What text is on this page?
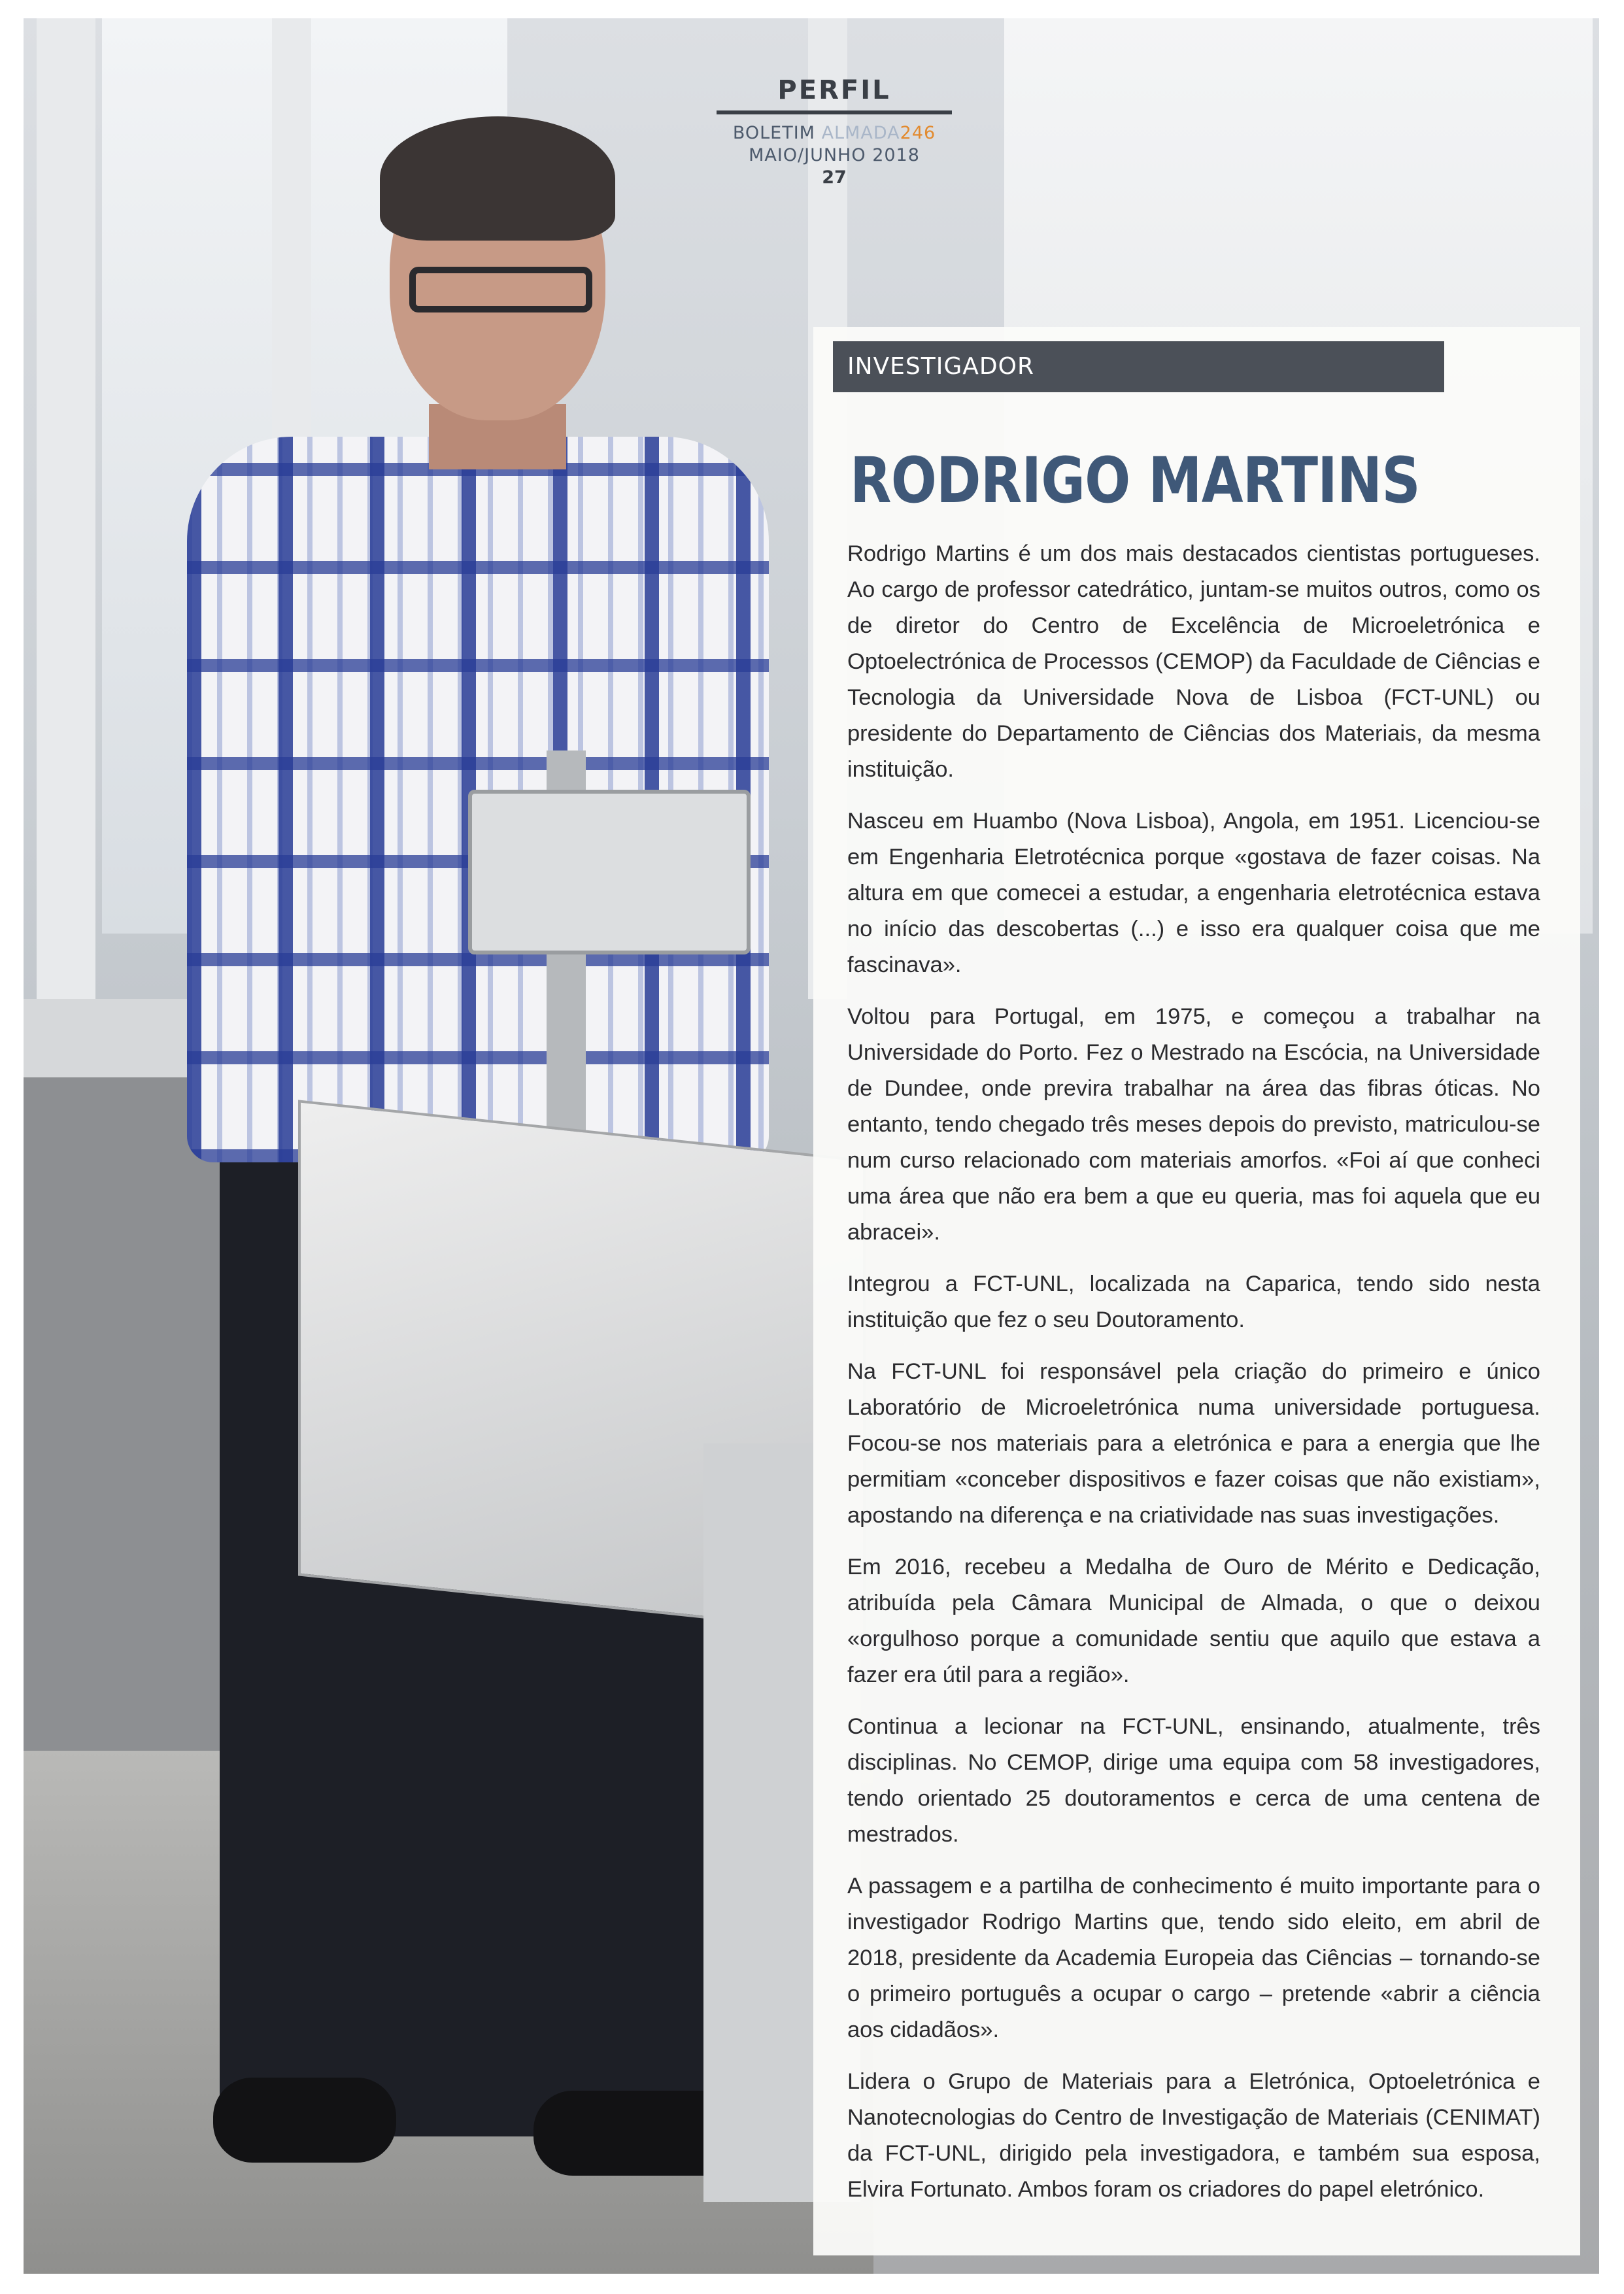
PERFIL
BOLETIM ALMADA246 MAIO/JUNHO 2018
27
INVESTIGADOR
RODRIGO MARTINS

Rodrigo Martins é um dos mais destacados cientistas portugueses. Ao cargo de professor catedrático, juntam-se muitos outros, como os de diretor do Centro de Excelência de Microeletrónica e Optoelectrónica de Processos (CEMOP) da Faculdade de Ciências e Tecnologia da Universidade Nova de Lisboa (FCT-UNL) ou presidente do Departamento de Ciências dos Materiais, da mesma instituição.

Nasceu em Huambo (Nova Lisboa), Angola, em 1951. Licenciou-se em Engenharia Eletrotécnica porque «gostava de fazer coisas. Na altura em que comecei a estudar, a engenharia eletrotécnica estava no início das descobertas (...) e isso era qualquer coisa que me fascinava».

Voltou para Portugal, em 1975, e começou a trabalhar na Universidade do Porto. Fez o Mestrado na Escócia, na Universidade de Dundee, onde previra trabalhar na área das fibras óticas. No entanto, tendo chegado três meses depois do previsto, matriculou-se num curso relacionado com materiais amorfos. «Foi aí que conheci uma área que não era bem a que eu queria, mas foi aquela que eu abracei».

Integrou a FCT-UNL, localizada na Caparica, tendo sido nesta instituição que fez o seu Doutoramento.

Na FCT-UNL foi responsável pela criação do primeiro e único Laboratório de Microeletrónica numa universidade portuguesa. Focou-se nos materiais para a eletrónica e para a energia que lhe permitiam «conceber dispositivos e fazer coisas que não existiam», apostando na diferença e na criatividade nas suas investigações.

Em 2016, recebeu a Medalha de Ouro de Mérito e Dedicação, atribuída pela Câmara Municipal de Almada, o que o deixou «orgulhoso porque a comunidade sentiu que aquilo que estava a fazer era útil para a região».

Continua a lecionar na FCT-UNL, ensinando, atualmente, três disciplinas. No CEMOP, dirige uma equipa com 58 investigadores, tendo orientado 25 doutoramentos e cerca de uma centena de mestrados.

A passagem e a partilha de conhecimento é muito importante para o investigador Rodrigo Martins que, tendo sido eleito, em abril de 2018, presidente da Academia Europeia das Ciências – tornando-se o primeiro português a ocupar o cargo – pretende «abrir a ciência aos cidadãos».

Lidera o Grupo de Materiais para a Eletrónica, Optoeletrónica e Nanotecnologias do Centro de Investigação de Materiais (CENIMAT) da FCT-UNL, dirigido pela investigadora, e também sua esposa, Elvira Fortunato. Ambos foram os criadores do papel eletrónico.
